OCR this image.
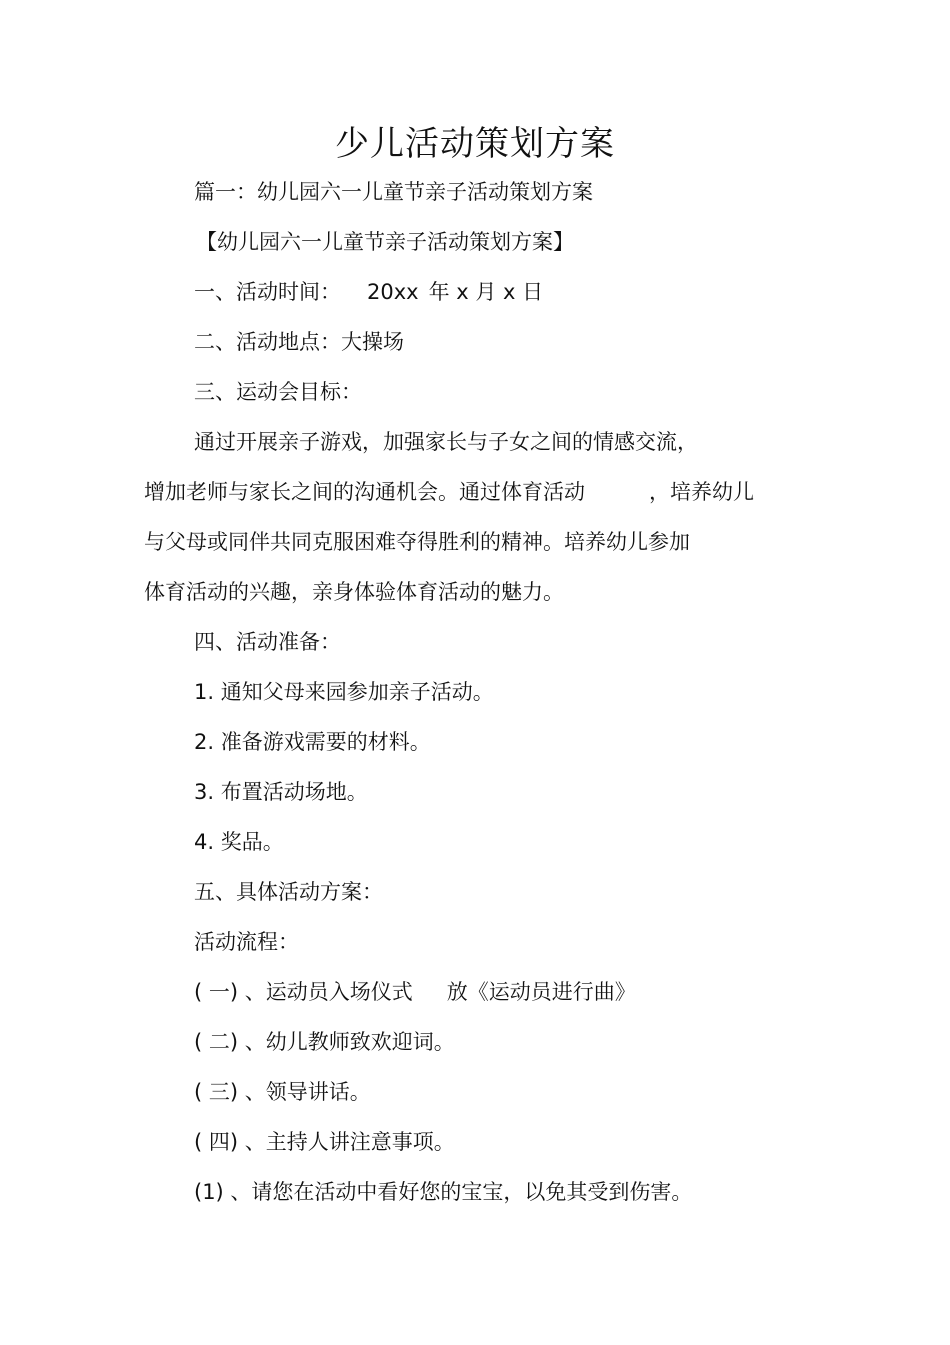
少儿活动策划方案
篇一：幼儿园六一儿童节亲子活动策划方案
【幼儿园六一儿童节亲子活动策划方案】
一、活动时间： 20xx 年 x 月 x 日
二、活动地点：大操场
三、运动会目标：
通过开展亲子游戏，加强家长与子女之间的情感交流，
增加老师与家长之间的沟通机会。通过体育活动	，培养幼儿
与父母或同伴共同克服困难夺得胜利的精神。培养幼儿参加
体育活动的兴趣，亲身体验体育活动的魅力。
四、活动准备：
1. 通知父母来园参加亲子活动。
2. 准备游戏需要的材料。
3. 布置活动场地。
4. 奖品。
五、具体活动方案：
活动流程：
( 一) 、运动员入场仪式 放《运动员进行曲》
( 二) 、幼儿教师致欢迎词。
( 三) 、领导讲话。
( 四) 、主持人讲注意事项。
(1) 、请您在活动中看好您的宝宝，以免其受到伤害。
